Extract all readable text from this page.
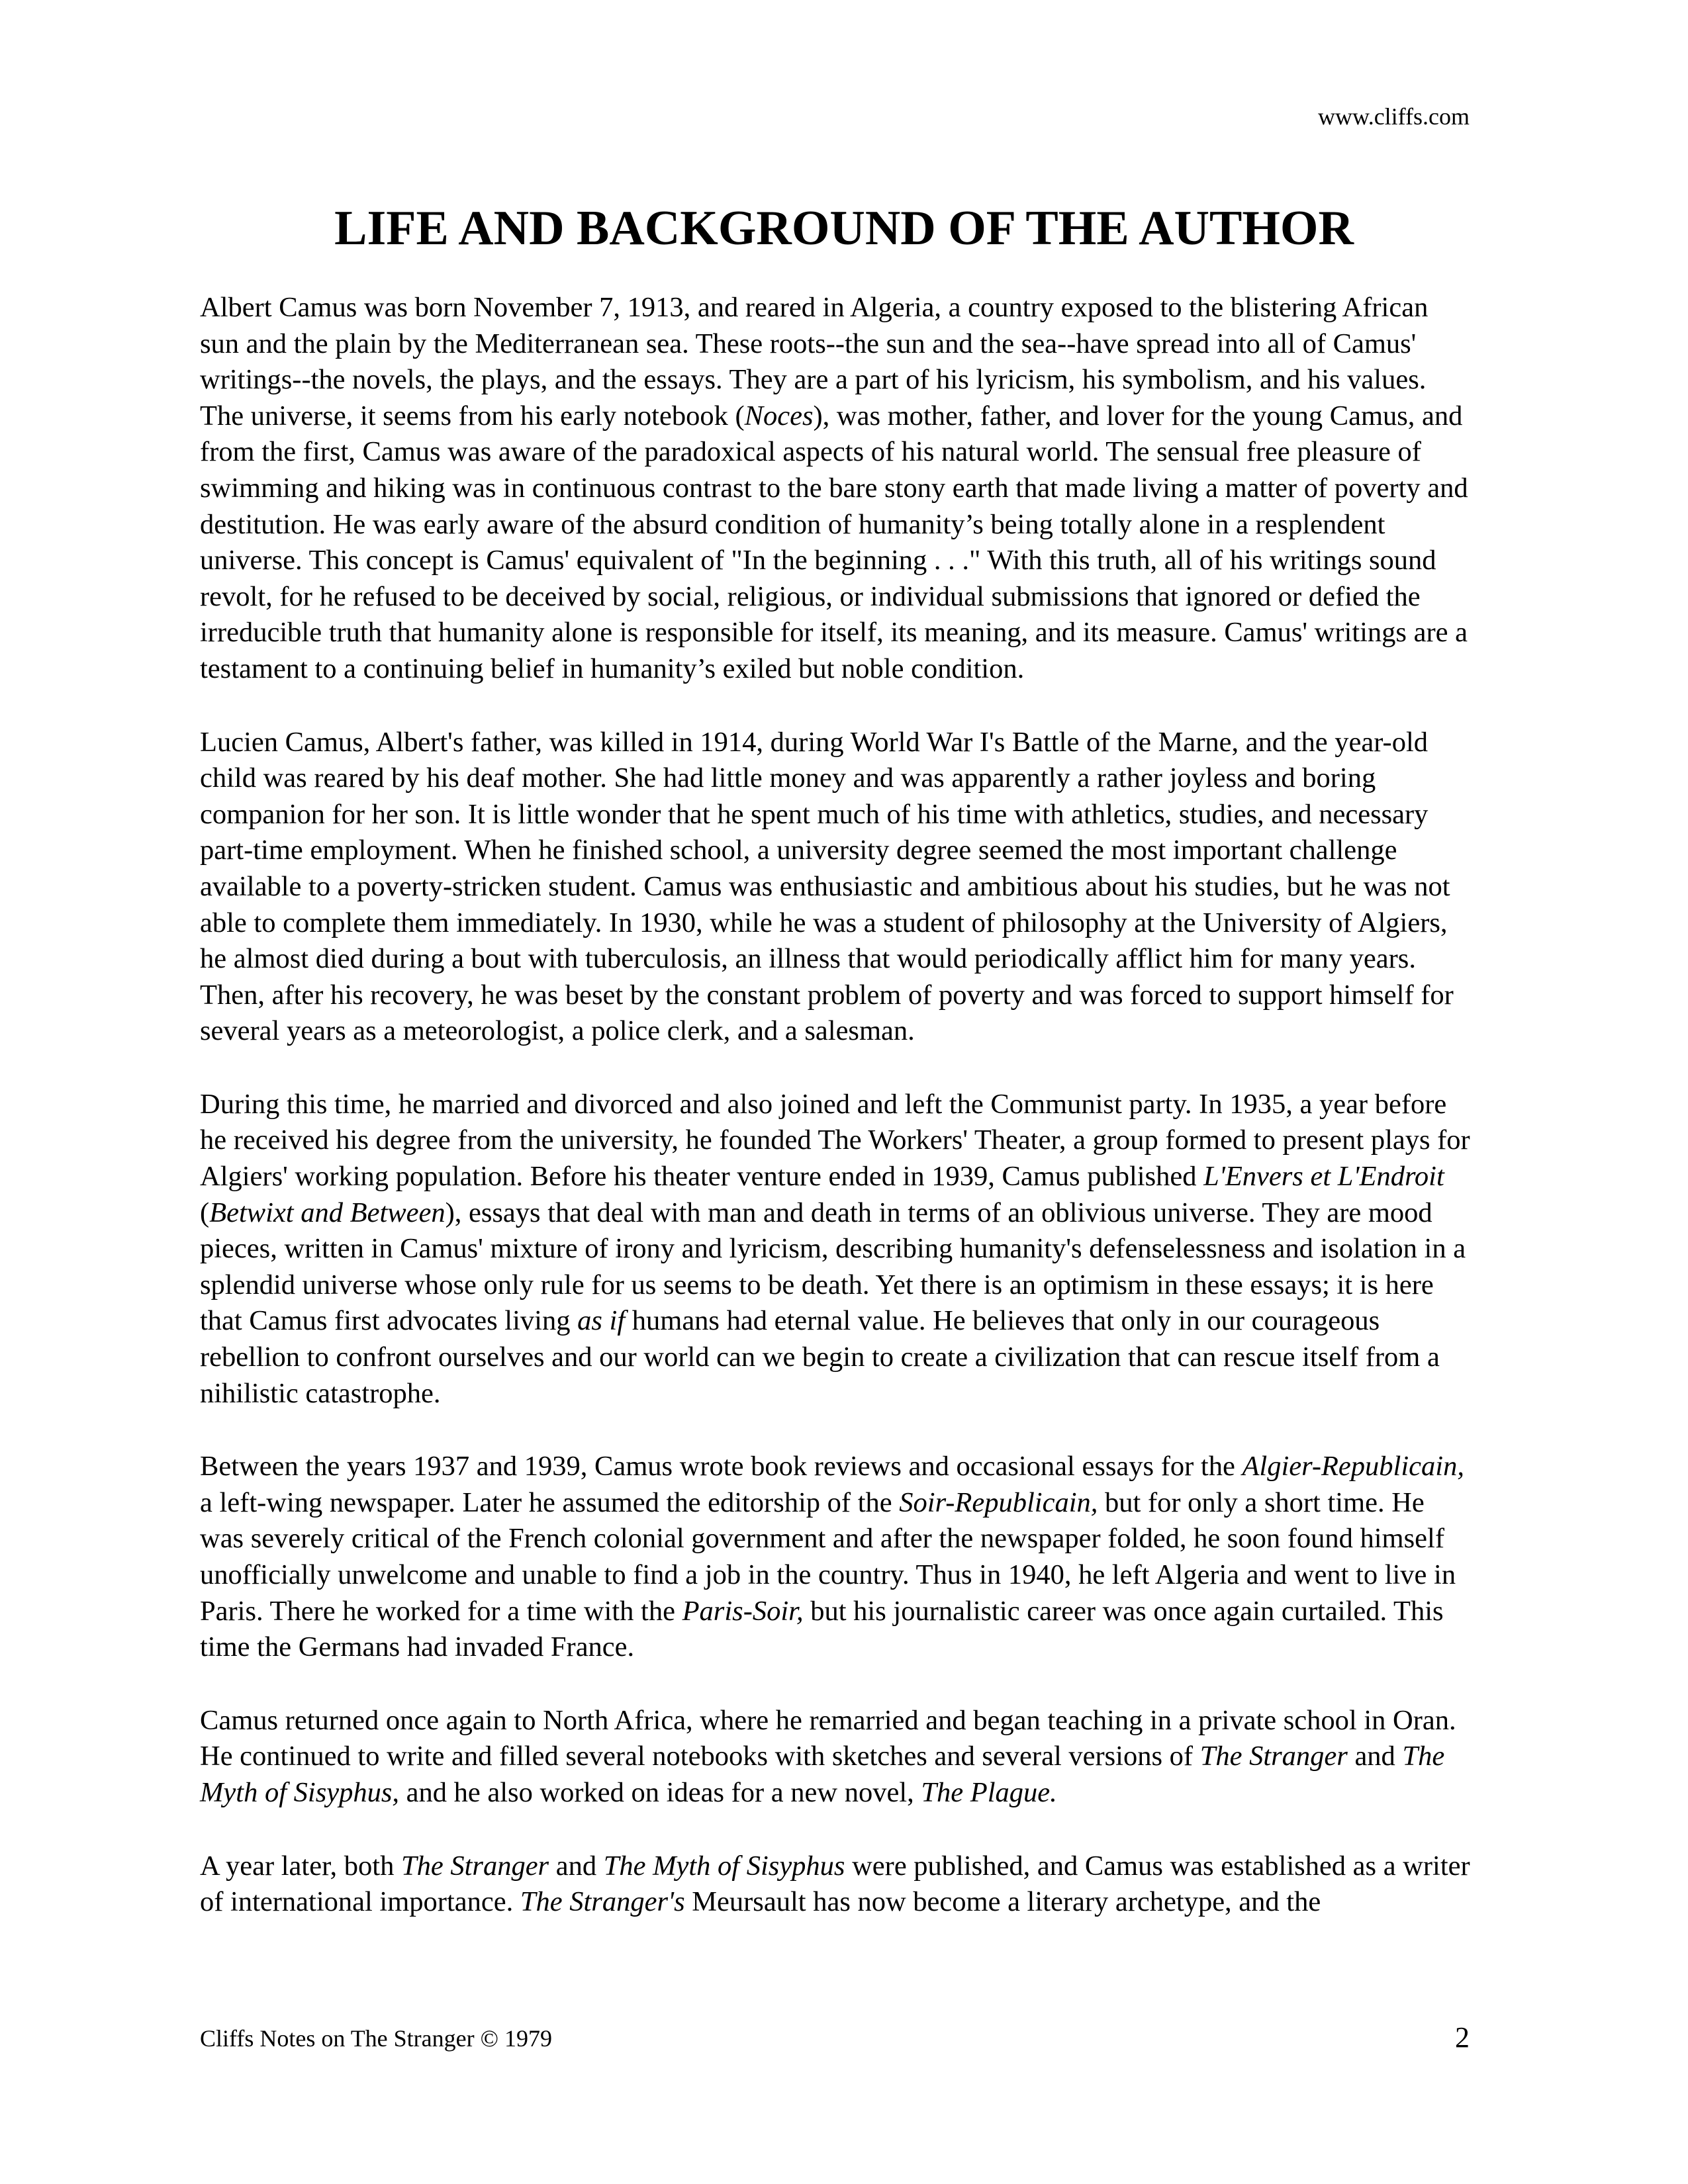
www.cliffs.com
LIFE AND BACKGROUND OF THE AUTHOR

Albert Camus was born November 7, 1913, and reared in Algeria, a country exposed to the blistering African sun and the plain by the Mediterranean sea. These roots--the sun and the sea--have spread into all of Camus' writings--the novels, the plays, and the essays. They are a part of his lyricism, his symbolism, and his values. The universe, it seems from his early notebook (Noces), was mother, father, and lover for the young Camus, and from the first, Camus was aware of the paradoxical aspects of his natural world. The sensual free pleasure of swimming and hiking was in continuous contrast to the bare stony earth that made living a matter of poverty and destitution. He was early aware of the absurd condition of humanity’s being totally alone in a resplendent universe. This concept is Camus' equivalent of "In the beginning . . ." With this truth, all of his writings sound revolt, for he refused to be deceived by social, religious, or individual submissions that ignored or defied the irreducible truth that humanity alone is responsible for itself, its meaning, and its measure. Camus' writings are a testament to a continuing belief in humanity’s exiled but noble condition.

Lucien Camus, Albert's father, was killed in 1914, during World War I's Battle of the Marne, and the year-old child was reared by his deaf mother. She had little money and was apparently a rather joyless and boring companion for her son. It is little wonder that he spent much of his time with athletics, studies, and necessary part-time employment. When he finished school, a university degree seemed the most important challenge available to a poverty-stricken student. Camus was enthusiastic and ambitious about his studies, but he was not able to complete them immediately. In 1930, while he was a student of philosophy at the University of Algiers, he almost died during a bout with tuberculosis, an illness that would periodically afflict him for many years. Then, after his recovery, he was beset by the constant problem of poverty and was forced to support himself for several years as a meteorologist, a police clerk, and a salesman.

During this time, he married and divorced and also joined and left the Communist party. In 1935, a year before he received his degree from the university, he founded The Workers' Theater, a group formed to present plays for Algiers' working population. Before his theater venture ended in 1939, Camus published L'Envers et L'Endroit (Betwixt and Between), essays that deal with man and death in terms of an oblivious universe. They are mood pieces, written in Camus' mixture of irony and lyricism, describing humanity's defenselessness and isolation in a splendid universe whose only rule for us seems to be death. Yet there is an optimism in these essays; it is here that Camus first advocates living as if humans had eternal value. He believes that only in our courageous rebellion to confront ourselves and our world can we begin to create a civilization that can rescue itself from a nihilistic catastrophe.

Between the years 1937 and 1939, Camus wrote book reviews and occasional essays for the Algier-Republicain, a left-wing newspaper. Later he assumed the editorship of the Soir-Republicain, but for only a short time. He was severely critical of the French colonial government and after the newspaper folded, he soon found himself unofficially unwelcome and unable to find a job in the country. Thus in 1940, he left Algeria and went to live in Paris. There he worked for a time with the Paris-Soir, but his journalistic career was once again curtailed. This time the Germans had invaded France.

Camus returned once again to North Africa, where he remarried and began teaching in a private school in Oran. He continued to write and filled several notebooks with sketches and several versions of The Stranger and The Myth of Sisyphus, and he also worked on ideas for a new novel, The Plague.

A year later, both The Stranger and The Myth of Sisyphus were published, and Camus was established as a writer of international importance. The Stranger's Meursault has now become a literary archetype, and the

Cliffs Notes on The Stranger © 1979	2
